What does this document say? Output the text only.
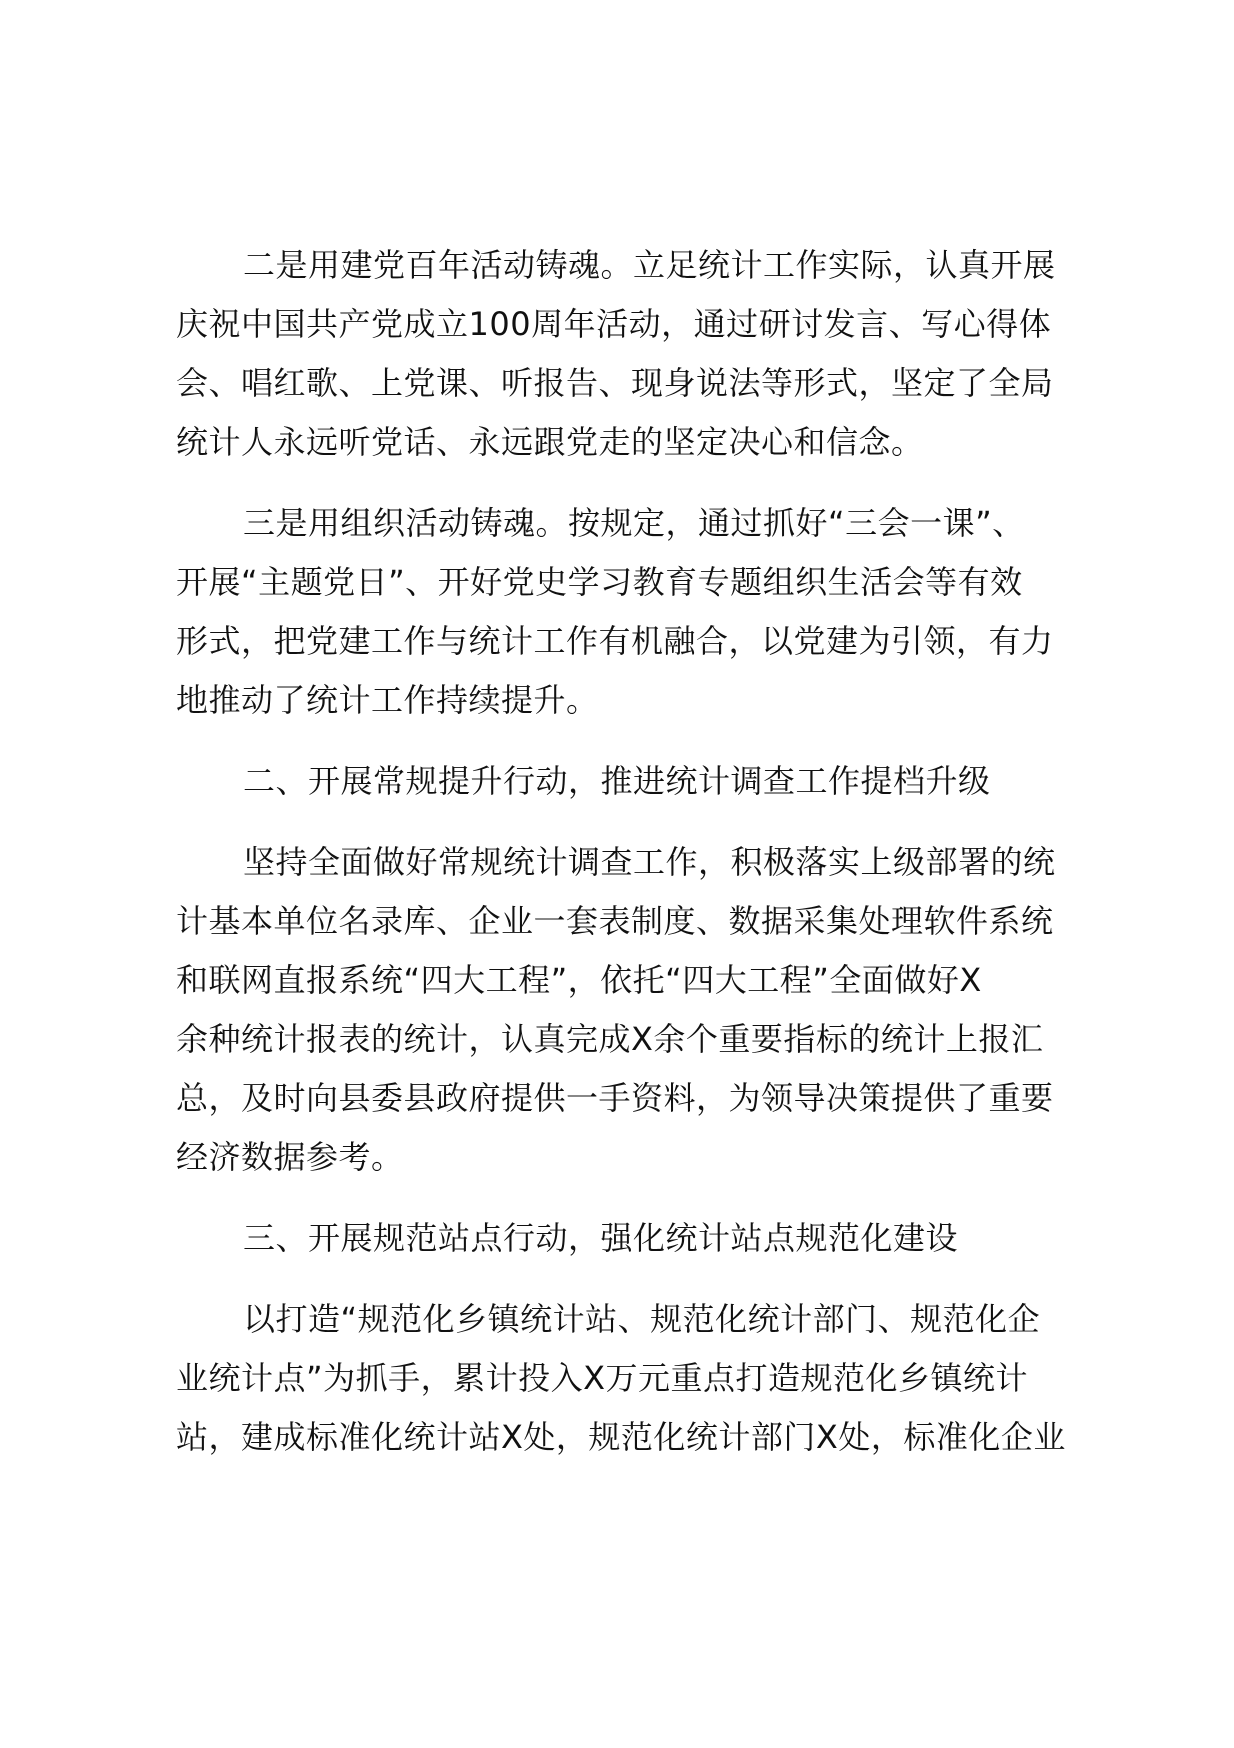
二是用建党百年活动铸魂。立足统计工作实际，认真开展
庆祝中国共产党成立100周年活动，通过研讨发言、写心得体
会、唱红歌、上党课、听报告、现身说法等形式，坚定了全局
统计人永远听党话、永远跟党走的坚定决心和信念。
三是用组织活动铸魂。按规定，通过抓好“三会一课”、
开展“主题党日”、开好党史学习教育专题组织生活会等有效
形式，把党建工作与统计工作有机融合，以党建为引领，有力
地推动了统计工作持续提升。
二、开展常规提升行动，推进统计调查工作提档升级
坚持全面做好常规统计调查工作，积极落实上级部署的统
计基本单位名录库、企业一套表制度、数据采集处理软件系统
和联网直报系统“四大工程”，依托“四大工程”全面做好X
余种统计报表的统计，认真完成X余个重要指标的统计上报汇
总，及时向县委县政府提供一手资料，为领导决策提供了重要
经济数据参考。
三、开展规范站点行动，强化统计站点规范化建设
以打造“规范化乡镇统计站、规范化统计部门、规范化企
业统计点”为抓手，累计投入X万元重点打造规范化乡镇统计
站，建成标准化统计站X处，规范化统计部门X处，标准化企业
